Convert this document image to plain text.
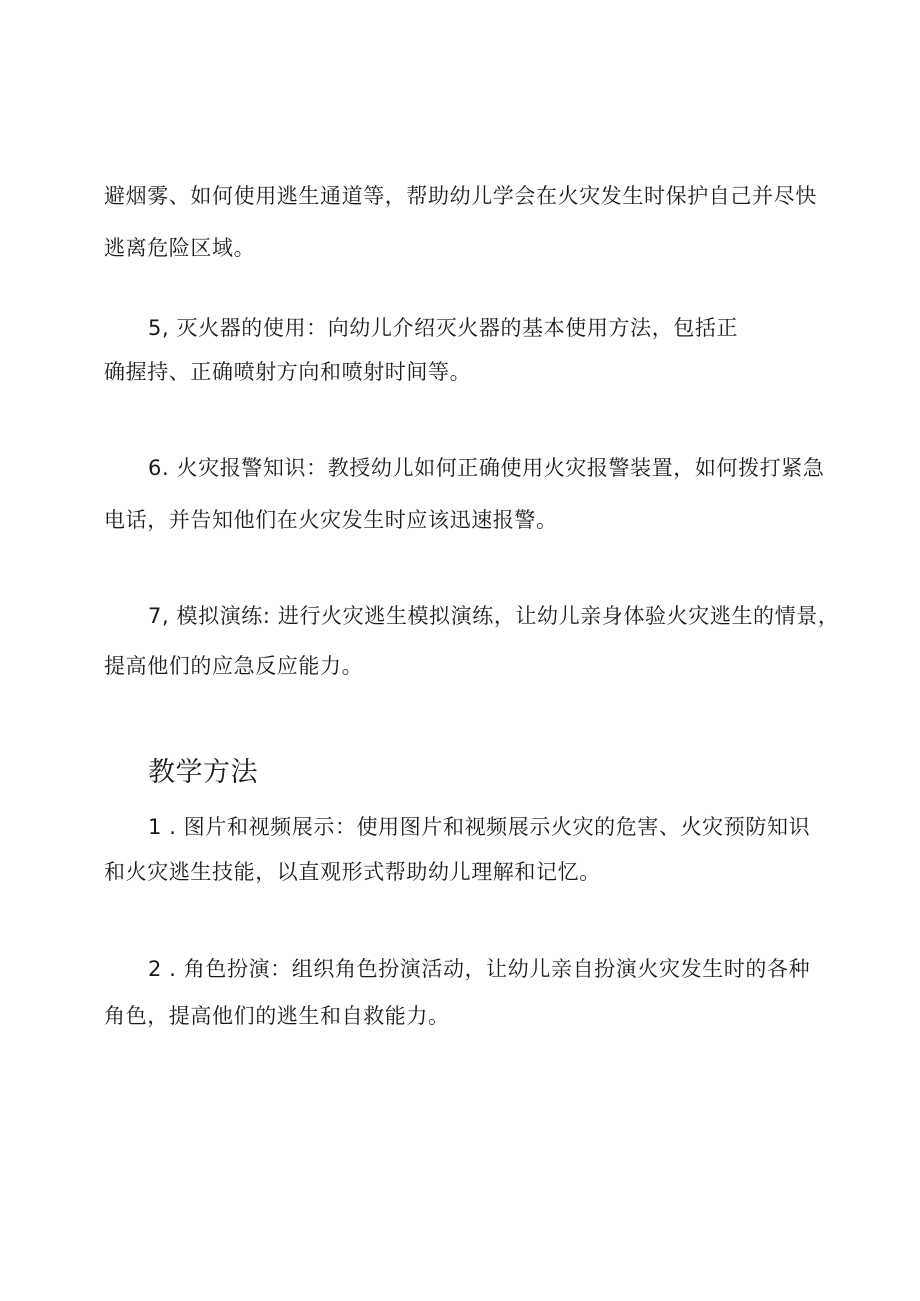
避烟雾、如何使用逃生通道等，帮助幼儿学会在火灾发生时保护自己并尽快
逃离危险区域。
5, 灭火器的使用：向幼儿介绍灭火器的基本使用方法，包括正
确握持、正确喷射方向和喷射时间等。
6. 火灾报警知识：教授幼儿如何正确使用火灾报警装置，如何拨打紧急
电话，并告知他们在火灾发生时应该迅速报警。
7, 模拟演练: 进行火灾逃生模拟演练，让幼儿亲身体验火灾逃生的情景，
提高他们的应急反应能力。
教学方法
1 . 图片和视频展示：使用图片和视频展示火灾的危害、火灾预防知识
和火灾逃生技能，以直观形式帮助幼儿理解和记忆。
2 . 角色扮演：组织角色扮演活动，让幼儿亲自扮演火灾发生时的各种
角色，提高他们的逃生和自救能力。
